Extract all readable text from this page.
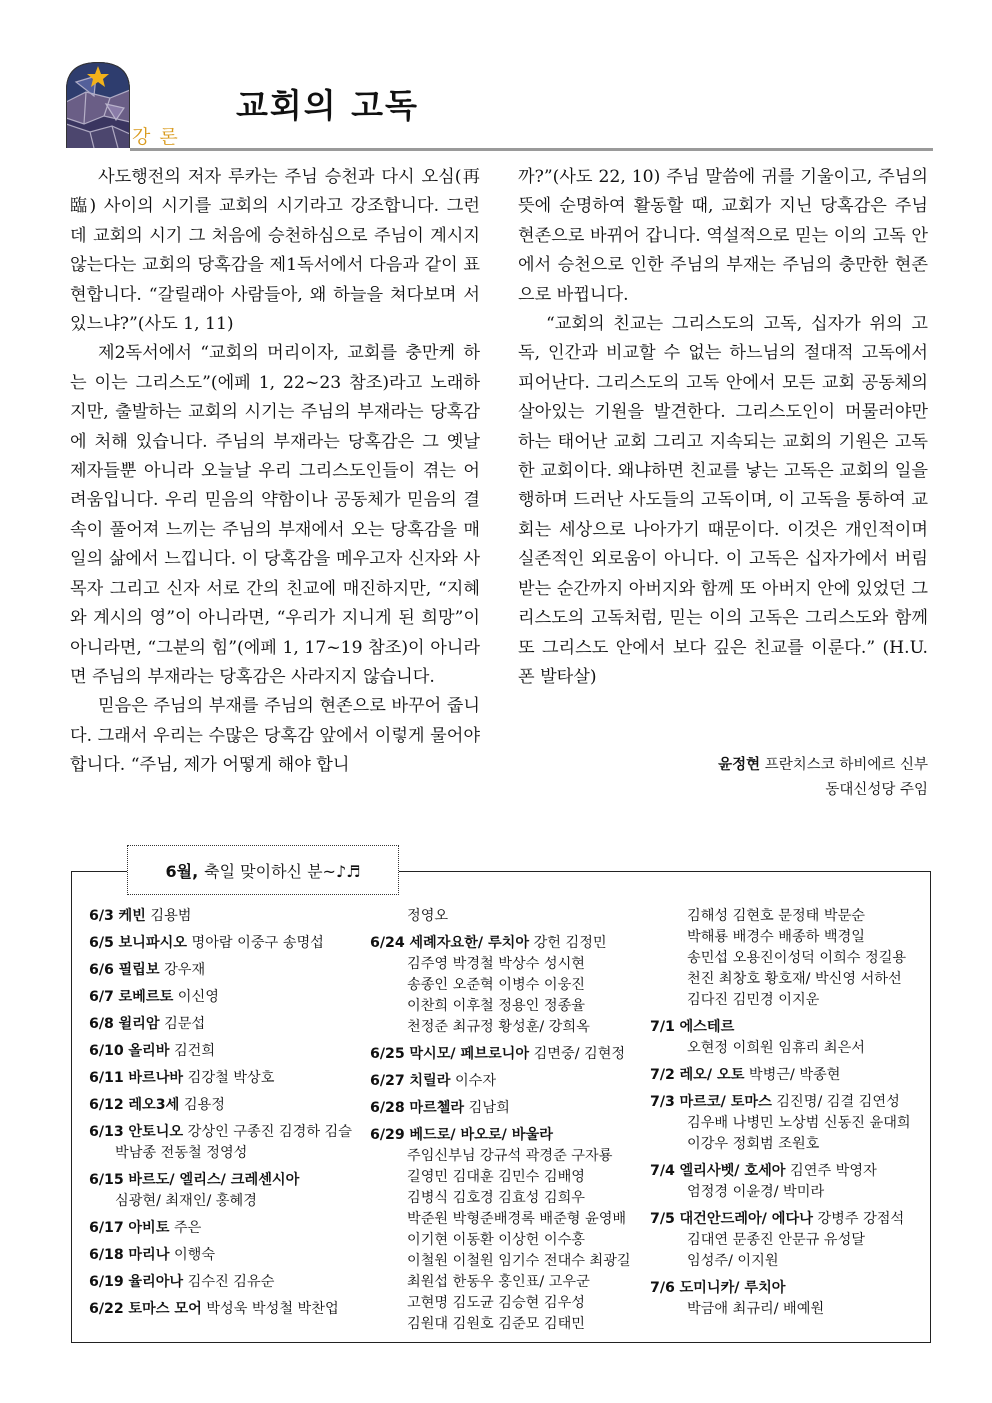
강론
교회의 고독

사도행전의 저자 루카는 주님 승천과 다시 오심(再臨) 사이의 시기를 교회의 시기라고 강조합니다. 그런데 교회의 시기 그 처음에 승천하심으로 주님이 계시지 않는다는 교회의 당혹감을 제1독서에서 다음과 같이 표현합니다. “갈릴래아 사람들아, 왜 하늘을 쳐다보며 서 있느냐?”(사도 1, 11)

제2독서에서 “교회의 머리이자, 교회를 충만케 하는 이는 그리스도”(에페 1, 22~23 참조)라고 노래하지만, 출발하는 교회의 시기는 주님의 부재라는 당혹감에 처해 있습니다. 주님의 부재라는 당혹감은 그 옛날 제자들뿐 아니라 오늘날 우리 그리스도인들이 겪는 어려움입니다. 우리 믿음의 약함이나 공동체가 믿음의 결속이 풀어져 느끼는 주님의 부재에서 오는 당혹감을 매일의 삶에서 느낍니다. 이 당혹감을 메우고자 신자와 사목자 그리고 신자 서로 간의 친교에 매진하지만, “지혜와 계시의 영”이 아니라면, “우리가 지니게 된 희망”이 아니라면, “그분의 힘”(에페 1, 17~19 참조)이 아니라면 주님의 부재라는 당혹감은 사라지지 않습니다.

믿음은 주님의 부재를 주님의 현존으로 바꾸어 줍니다. 그래서 우리는 수많은 당혹감 앞에서 이렇게 물어야 합니다. “주님, 제가 어떻게 해야 합니

까?”(사도 22, 10) 주님 말씀에 귀를 기울이고, 주님의 뜻에 순명하여 활동할 때, 교회가 지닌 당혹감은 주님 현존으로 바뀌어 갑니다. 역설적으로 믿는 이의 고독 안에서 승천으로 인한 주님의 부재는 주님의 충만한 현존으로 바뀝니다.

“교회의 친교는 그리스도의 고독, 십자가 위의 고독, 인간과 비교할 수 없는 하느님의 절대적 고독에서 피어난다. 그리스도의 고독 안에서 모든 교회 공동체의 살아있는 기원을 발견한다. 그리스도인이 머물러야만 하는 태어난 교회 그리고 지속되는 교회의 기원은 고독한 교회이다. 왜냐하면 친교를 낳는 고독은 교회의 일을 행하며 드러난 사도들의 고독이며, 이 고독을 통하여 교회는 세상으로 나아가기 때문이다. 이것은 개인적이며 실존적인 외로움이 아니다. 이 고독은 십자가에서 버림받는 순간까지 아버지와 함께 또 아버지 안에 있었던 그리스도의 고독처럼, 믿는 이의 고독은 그리스도와 함께 또 그리스도 안에서 보다 깊은 친교를 이룬다.” (H.U. 폰 발타살)

윤정현 프란치스코 하비에르 신부
동대신성당 주임
6월, 축일 맞이하신 분~♪♬
6/3 케빈 김용범
6/5 보니파시오 명아람 이중구 송명섭
6/6 필립보 강우재
6/7 로베르토 이신영
6/8 윌리암 김문섭
6/10 올리바 김건희
6/11 바르나바 김강철 박상호
6/12 레오3세 김용정
6/13 안토니오 강상인 구종진 김경하 김슬
박남종 전동철 정영성
6/15 바르도/ 엘리스/ 크레센시아
심광현/ 최재인/ 홍혜경
6/17 아비토 주은
6/18 마리나 이행숙
6/19 율리아나 김수진 김유순
6/22 토마스 모어 박성욱 박성철 박찬업
정영오
6/24 세례자요한/ 루치아 강헌 김정민
김주영 박경철 박상수 성시현
송종인 오준혁 이병수 이웅진
이찬희 이후철 정용인 정종율
천정준 최규정 황성훈/ 강희옥
6/25 막시모/ 페브로니아 김면중/ 김현정
6/27 치릴라 이수자
6/28 마르첼라 김남희
6/29 베드로/ 바오로/ 바울라
주임신부님 강규석 곽경준 구자룡
길영민 김대훈 김민수 김배영
김병식 김호경 김효성 김희우
박준원 박형준배경록 배준형 윤영배
이기현 이동환 이상헌 이수홍
이철원 이철원 임기수 전대수 최광길
최원섭 한동우 홍인표/ 고우군
고현명 김도균 김승현 김우성
김원대 김원호 김준모 김태민
김해성 김현호 문정태 박문순
박해룡 배경수 배종하 백경일
송민섭 오용진이성덕 이희수 정길용
천진 최창호 황호재/ 박신영 서하선
김다진 김민경 이지운
7/1 에스테르
오현정 이희원 임휴리 최은서
7/2 레오/ 오토 박병근/ 박종현
7/3 마르코/ 토마스 김진명/ 김결 김연성
김우배 나병민 노상범 신동진 윤대희
이강우 정회범 조원호
7/4 엘리사벳/ 호세아 김연주 박영자
엄정경 이윤경/ 박미라
7/5 대건안드레아/ 에다나 강병주 강점석
김대연 문종진 안문규 유성달
임성주/ 이지원
7/6 도미니카/ 루치아
박금애 최규리/ 배예원
